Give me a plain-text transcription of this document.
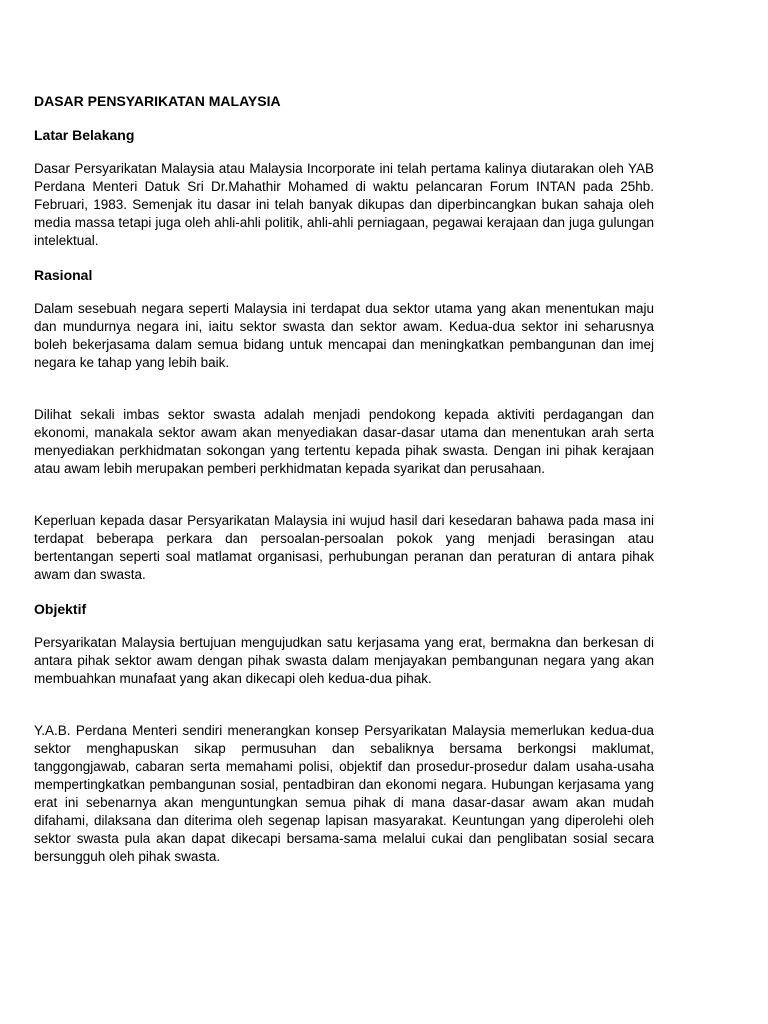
DASAR PENSYARIKATAN MALAYSIA
Latar Belakang

Dasar Persyarikatan Malaysia atau Malaysia Incorporate ini telah pertama kalinya diutarakan oleh YAB Perdana Menteri Datuk Sri Dr.Mahathir Mohamed di waktu pelancaran Forum INTAN pada 25hb. Februari, 1983. Semenjak itu dasar ini telah banyak dikupas dan diperbincangkan bukan sahaja oleh media massa tetapi juga oleh ahli-ahli politik, ahli-ahli perniagaan, pegawai kerajaan dan juga gulungan intelektual.

Rasional

Dalam sesebuah negara seperti Malaysia ini terdapat dua sektor utama yang akan menentukan maju dan mundurnya negara ini, iaitu sektor swasta dan sektor awam. Kedua-dua sektor ini seharusnya boleh bekerjasama dalam semua bidang untuk mencapai dan meningkatkan pembangunan dan imej negara ke tahap yang lebih baik.

Dilihat sekali imbas sektor swasta adalah menjadi pendokong kepada aktiviti perdagangan dan ekonomi, manakala sektor awam akan menyediakan dasar-dasar utama dan menentukan arah serta menyediakan perkhidmatan sokongan yang tertentu kepada pihak swasta. Dengan ini pihak kerajaan atau awam lebih merupakan pemberi perkhidmatan kepada syarikat dan perusahaan.

Keperluan kepada dasar Persyarikatan Malaysia ini wujud hasil dari kesedaran bahawa pada masa ini terdapat beberapa perkara dan persoalan-persoalan pokok yang menjadi berasingan atau bertentangan seperti soal matlamat organisasi, perhubungan peranan dan peraturan di antara pihak awam dan swasta.

Objektif

Persyarikatan Malaysia bertujuan mengujudkan satu kerjasama yang erat, bermakna dan berkesan di antara pihak sektor awam dengan pihak swasta dalam menjayakan pembangunan negara yang akan membuahkan munafaat yang akan dikecapi oleh kedua-dua pihak.

Y.A.B. Perdana Menteri sendiri menerangkan konsep Persyarikatan Malaysia memerlukan kedua-dua sektor menghapuskan sikap permusuhan dan sebaliknya bersama berkongsi maklumat, tanggongjawab, cabaran serta memahami polisi, objektif dan prosedur-prosedur dalam usaha-usaha mempertingkatkan pembangunan sosial, pentadbiran dan ekonomi negara. Hubungan kerjasama yang erat ini sebenarnya akan menguntungkan semua pihak di mana dasar-dasar awam akan mudah difahami, dilaksana dan diterima oleh segenap lapisan masyarakat. Keuntungan yang diperolehi oleh sektor swasta pula akan dapat dikecapi bersama-sama melalui cukai dan penglibatan sosial secara bersungguh oleh pihak swasta.
